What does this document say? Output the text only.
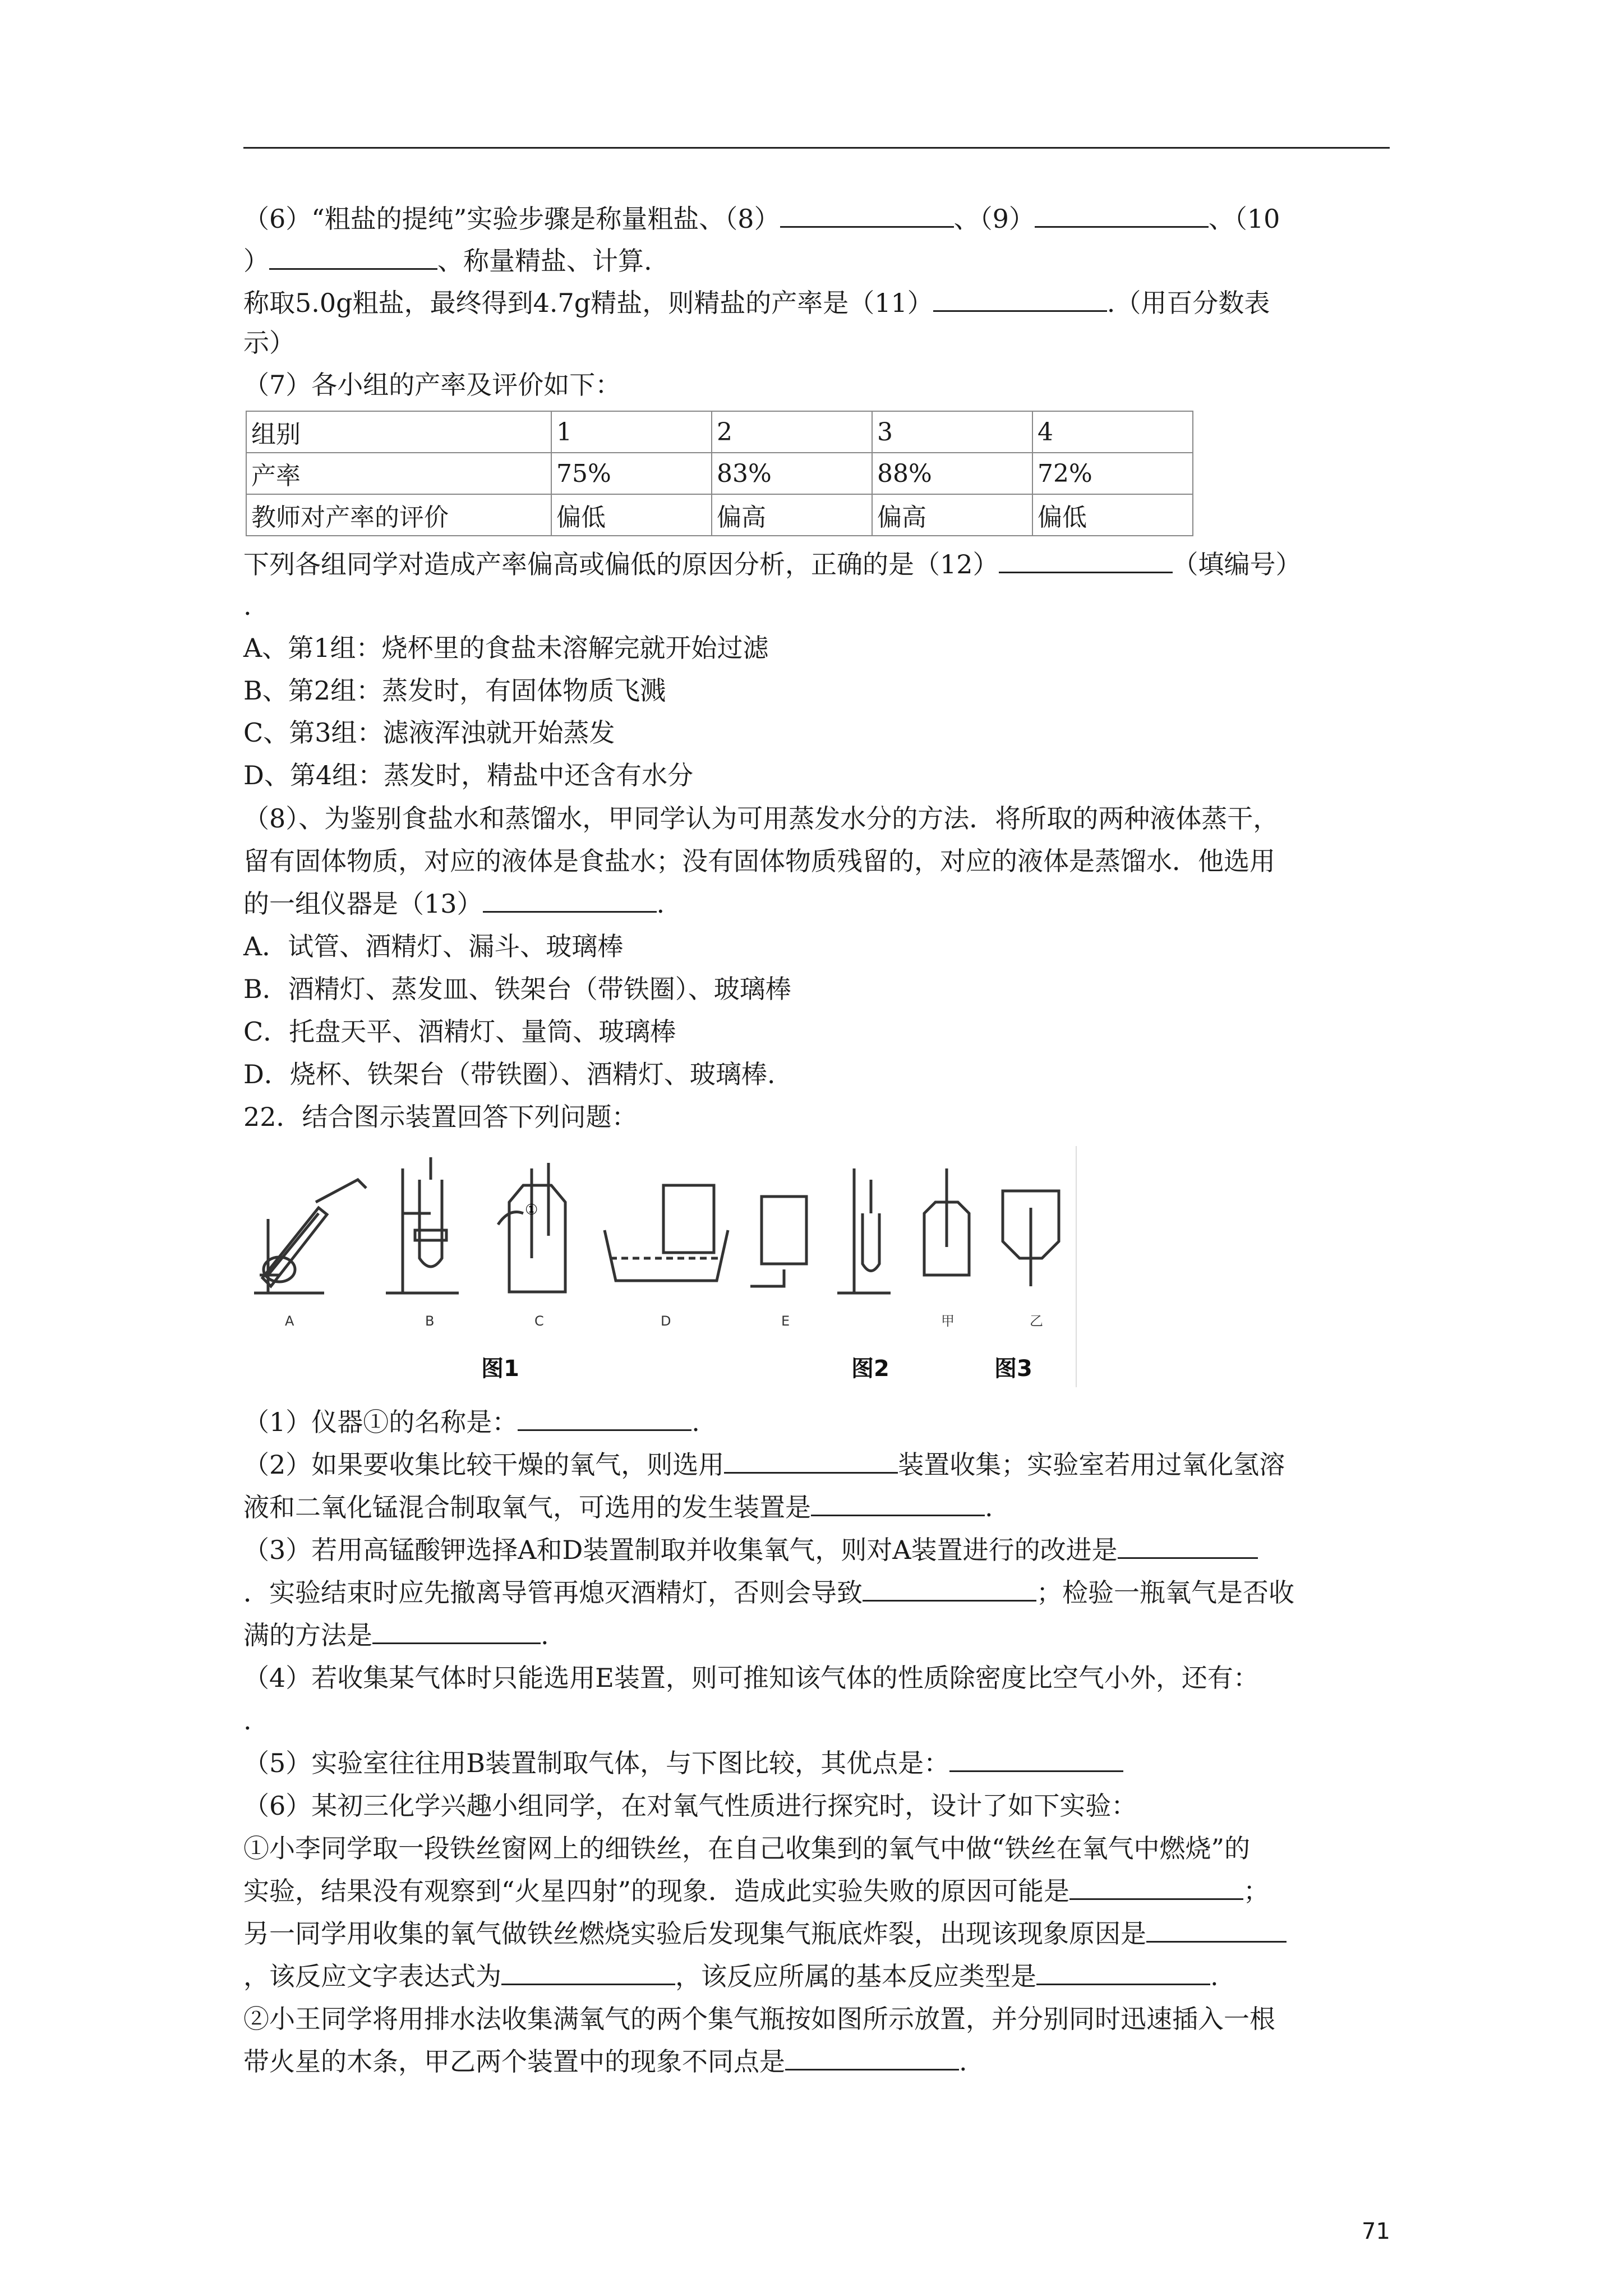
（6）“粗盐的提纯”实验步骤是称量粗盐、（8）	、（9）	、（10
）	、称量精盐、计算.
称取5.0g粗盐，最终得到4.7g精盐，则精盐的产率是（11）	.（用百分数表
示）
（7）各小组的产率及评价如下：
组别	1	2	3	4
产率	75%	83%	88%	72%
教师对产率的评价	偏低	偏高	偏高	偏低
下列各组同学对造成产率偏高或偏低的原因分析，正确的是（12）	（填编号）
.
A、第1组：烧杯里的食盐未溶解完就开始过滤
B、第2组：蒸发时，有固体物质飞溅
C、第3组：滤液浑浊就开始蒸发
D、第4组：蒸发时，精盐中还含有水分
（8）、为鉴别食盐水和蒸馏水，甲同学认为可用蒸发水分的方法．将所取的两种液体蒸干，
留有固体物质，对应的液体是食盐水；没有固体物质残留的，对应的液体是蒸馏水．他选用
的一组仪器是（13）	.
A．试管、酒精灯、漏斗、玻璃棒
B．酒精灯、蒸发皿、铁架台（带铁圈）、玻璃棒
C．托盘天平、酒精灯、量筒、玻璃棒
D．烧杯、铁架台（带铁圈）、酒精灯、玻璃棒.
22．结合图示装置回答下列问题：
①
A	B	C	D	E	甲	乙
图1	图2	图3
（1）仪器①的名称是：	.
（2）如果要收集比较干燥的氧气，则选用	装置收集；实验室若用过氧化氢溶
液和二氧化锰混合制取氧气，可选用的发生装置是	.
（3）若用高锰酸钾选择A和D装置制取并收集氧气，则对A装置进行的改进是
．实验结束时应先撤离导管再熄灭酒精灯，否则会导致	；检验一瓶氧气是否收
满的方法是	.
（4）若收集某气体时只能选用E装置，则可推知该气体的性质除密度比空气小外，还有：
.
（5）实验室往往用B装置制取气体，与下图比较，其优点是：
（6）某初三化学兴趣小组同学，在对氧气性质进行探究时，设计了如下实验：
①小李同学取一段铁丝窗网上的细铁丝，在自己收集到的氧气中做“铁丝在氧气中燃烧”的
实验，结果没有观察到“火星四射”的现象．造成此实验失败的原因可能是	；
另一同学用收集的氧气做铁丝燃烧实验后发现集气瓶底炸裂，出现该现象原因是
，该反应文字表达式为	，该反应所属的基本反应类型是	.
②小王同学将用排水法收集满氧气的两个集气瓶按如图所示放置，并分别同时迅速插入一根
带火星的木条，甲乙两个装置中的现象不同点是	.
71
